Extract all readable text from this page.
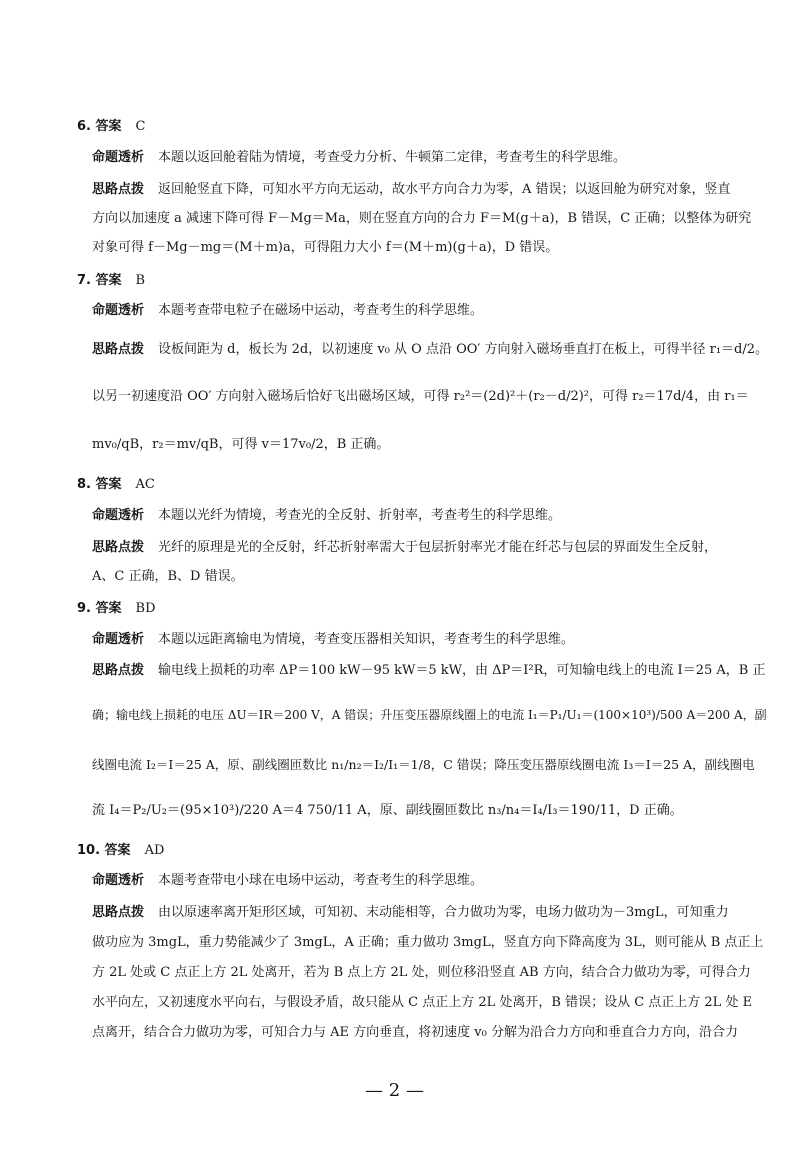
6. 答案 C
命题透析 本题以返回舱着陆为情境，考查受力分析、牛顿第二定律，考查考生的科学思维。
思路点拨 返回舱竖直下降，可知水平方向无运动，故水平方向合力为零，A 错误；以返回舱为研究对象，竖直
方向以加速度 a 减速下降可得 F－Mg＝Ma，则在竖直方向的合力 F＝M(g＋a)，B 错误，C 正确；以整体为研究
对象可得 f－Mg－mg＝(M＋m)a，可得阻力大小 f＝(M＋m)(g＋a)，D 错误。
7. 答案 B
命题透析 本题考查带电粒子在磁场中运动，考查考生的科学思维。
思路点拨 设板间距为 d，板长为 2d，以初速度 v₀ 从 O 点沿 OO′ 方向射入磁场垂直打在板上，可得半径 r₁＝d/2。
以另一初速度沿 OO′ 方向射入磁场后恰好飞出磁场区域，可得 r₂²＝(2d)²＋(r₂－d/2)²，可得 r₂＝17d/4，由 r₁＝
mv₀/qB，r₂＝mv/qB，可得 v＝17v₀/2，B 正确。
8. 答案 AC
命题透析 本题以光纤为情境，考查光的全反射、折射率，考查考生的科学思维。
思路点拨 光纤的原理是光的全反射，纤芯折射率需大于包层折射率光才能在纤芯与包层的界面发生全反射，
A、C 正确，B、D 错误。
9. 答案 BD
命题透析 本题以远距离输电为情境，考查变压器相关知识，考查考生的科学思维。
思路点拨 输电线上损耗的功率 ΔP＝100 kW－95 kW＝5 kW，由 ΔP＝I²R，可知输电线上的电流 I＝25 A，B 正
确；输电线上损耗的电压 ΔU＝IR＝200 V，A 错误；升压变压器原线圈上的电流 I₁＝P₁/U₁＝(100×10³)/500 A＝200 A，副
线圈电流 I₂＝I＝25 A，原、副线圈匝数比 n₁/n₂＝I₂/I₁＝1/8，C 错误；降压变压器原线圈电流 I₃＝I＝25 A，副线圈电
流 I₄＝P₂/U₂＝(95×10³)/220 A＝4 750/11 A，原、副线圈匝数比 n₃/n₄＝I₄/I₃＝190/11，D 正确。
10. 答案 AD
命题透析 本题考查带电小球在电场中运动，考查考生的科学思维。
思路点拨 由以原速率离开矩形区域，可知初、末动能相等，合力做功为零，电场力做功为－3mgL，可知重力
做功应为 3mgL，重力势能减少了 3mgL，A 正确；重力做功 3mgL，竖直方向下降高度为 3L，则可能从 B 点正上
方 2L 处或 C 点正上方 2L 处离开，若为 B 点上方 2L 处，则位移沿竖直 AB 方向，结合合力做功为零，可得合力
水平向左，又初速度水平向右，与假设矛盾，故只能从 C 点正上方 2L 处离开，B 错误；设从 C 点正上方 2L 处 E
点离开，结合合力做功为零，可知合力与 AE 方向垂直，将初速度 v₀ 分解为沿合力方向和垂直合力方向，沿合力
— 2 —
